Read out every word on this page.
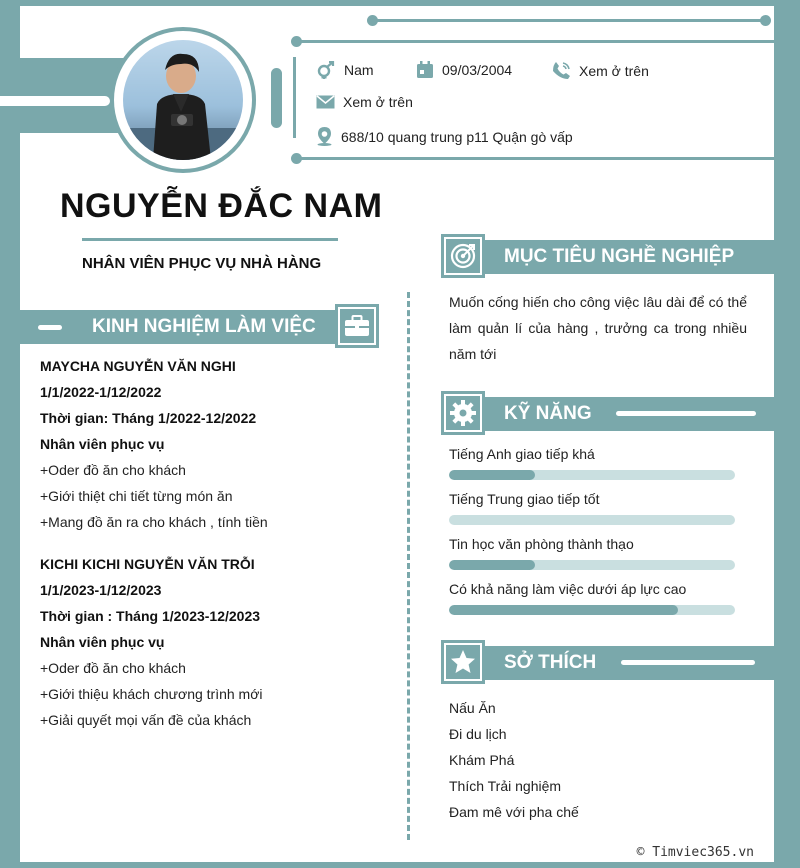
Nam	09/03/2004	Xem ở trên
Xem ở trên
688/10 quang trung p11 Quận gò vấp
NGUYỄN ĐẮC NAM
NHÂN VIÊN PHỤC VỤ NHÀ HÀNG
KINH NGHIỆM LÀM VIỆC
MAYCHA NGUYỄN VĂN NGHI
1/1/2022-1/12/2022
Thời gian: Tháng 1/2022-12/2022
Nhân viên phục vụ
+Oder đồ ăn cho khách
+Giới thiệt chi tiết từng món ăn
+Mang đồ ăn ra cho khách , tính tiền
KICHI KICHI NGUYỄN VĂN TRỖI
1/1/2023-1/12/2023
Thời gian : Tháng 1/2023-12/2023
Nhân viên phục vụ
+Oder đồ ăn cho khách
+Giới thiệu khách chương trình mới
+Giải quyết mọi vấn đề của khách
MỤC TIÊU NGHỀ NGHIỆP
Muốn cống hiến cho công việc lâu dài để có thể làm quản lí của hàng , trưởng ca trong nhiều năm tới
KỸ NĂNG
Tiếng Anh giao tiếp khá
Tiếng Trung giao tiếp tốt
Tin học văn phòng thành thạo
Có khả năng làm việc dưới áp lực cao
SỞ THÍCH
Nấu Ăn
Đi du lịch
Khám Phá
Thích Trải nghiệm
Đam mê với pha chế
© Timviec365.vn
